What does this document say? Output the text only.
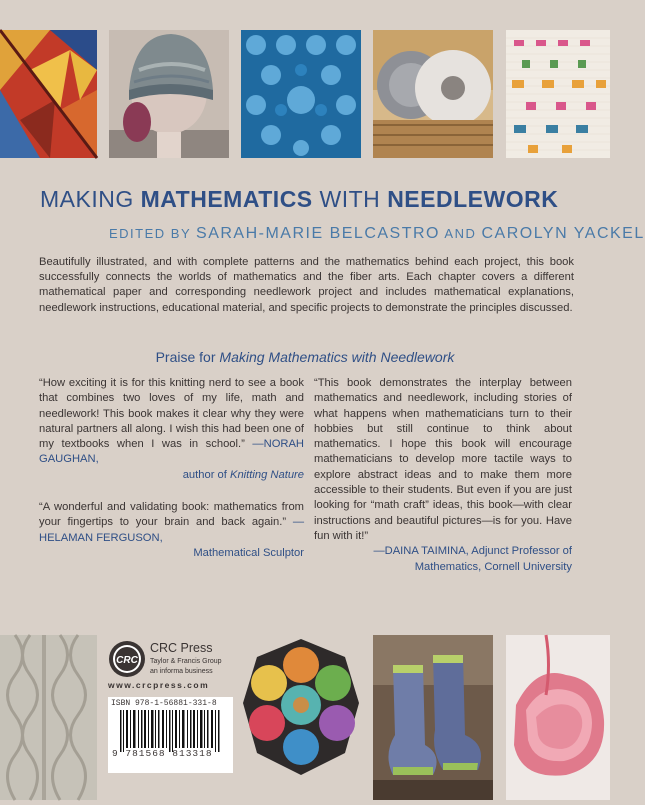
MAKING MATHEMATICS WITH NEEDLEWORK
EDITED BY SARAH-MARIE BELCASTRO AND CAROLYN YACKEL
Beautifully illustrated, and with complete patterns and the mathematics behind each project, this book successfully connects the worlds of mathematics and the fiber arts. Each chapter covers a different mathematical paper and corresponding needlework project and includes mathematical explanations, needlework instructions, educational material, and specific projects to demonstrate the principles discussed.
Praise for Making Mathematics with Needlework
“How exciting it is for this knitting nerd to see a book that combines two loves of my life, math and needlework! This book makes it clear why they were natural partners all along. I wish this had been one of my textbooks when I was in school.” —NORAH GAUGHAN,
author of Knitting Nature
“A wonderful and validating book: mathematics from your fingertips to your brain and back again.” —HELAMAN FERGUSON,
Mathematical Sculptor
“This book demonstrates the interplay between mathematics and needlework, including stories of what happens when mathematicians turn to their hobbies but still continue to think about mathematics. I hope this book will encourage mathematicians to develop more tactile ways to explore abstract ideas and to make them more accessible to their students. But even if you are just looking for “math craft” ideas, this book—with clear instructions and beautiful pictures—is for you. Have fun with it!”
—DAINA TAIMINA, Adjunct Professor of
Mathematics, Cornell University
CRC
CRC Press
Taylor & Francis Group
an informa business
www.crcpress.com
ISBN 978-1-56881-331-8
9 781568 813318
